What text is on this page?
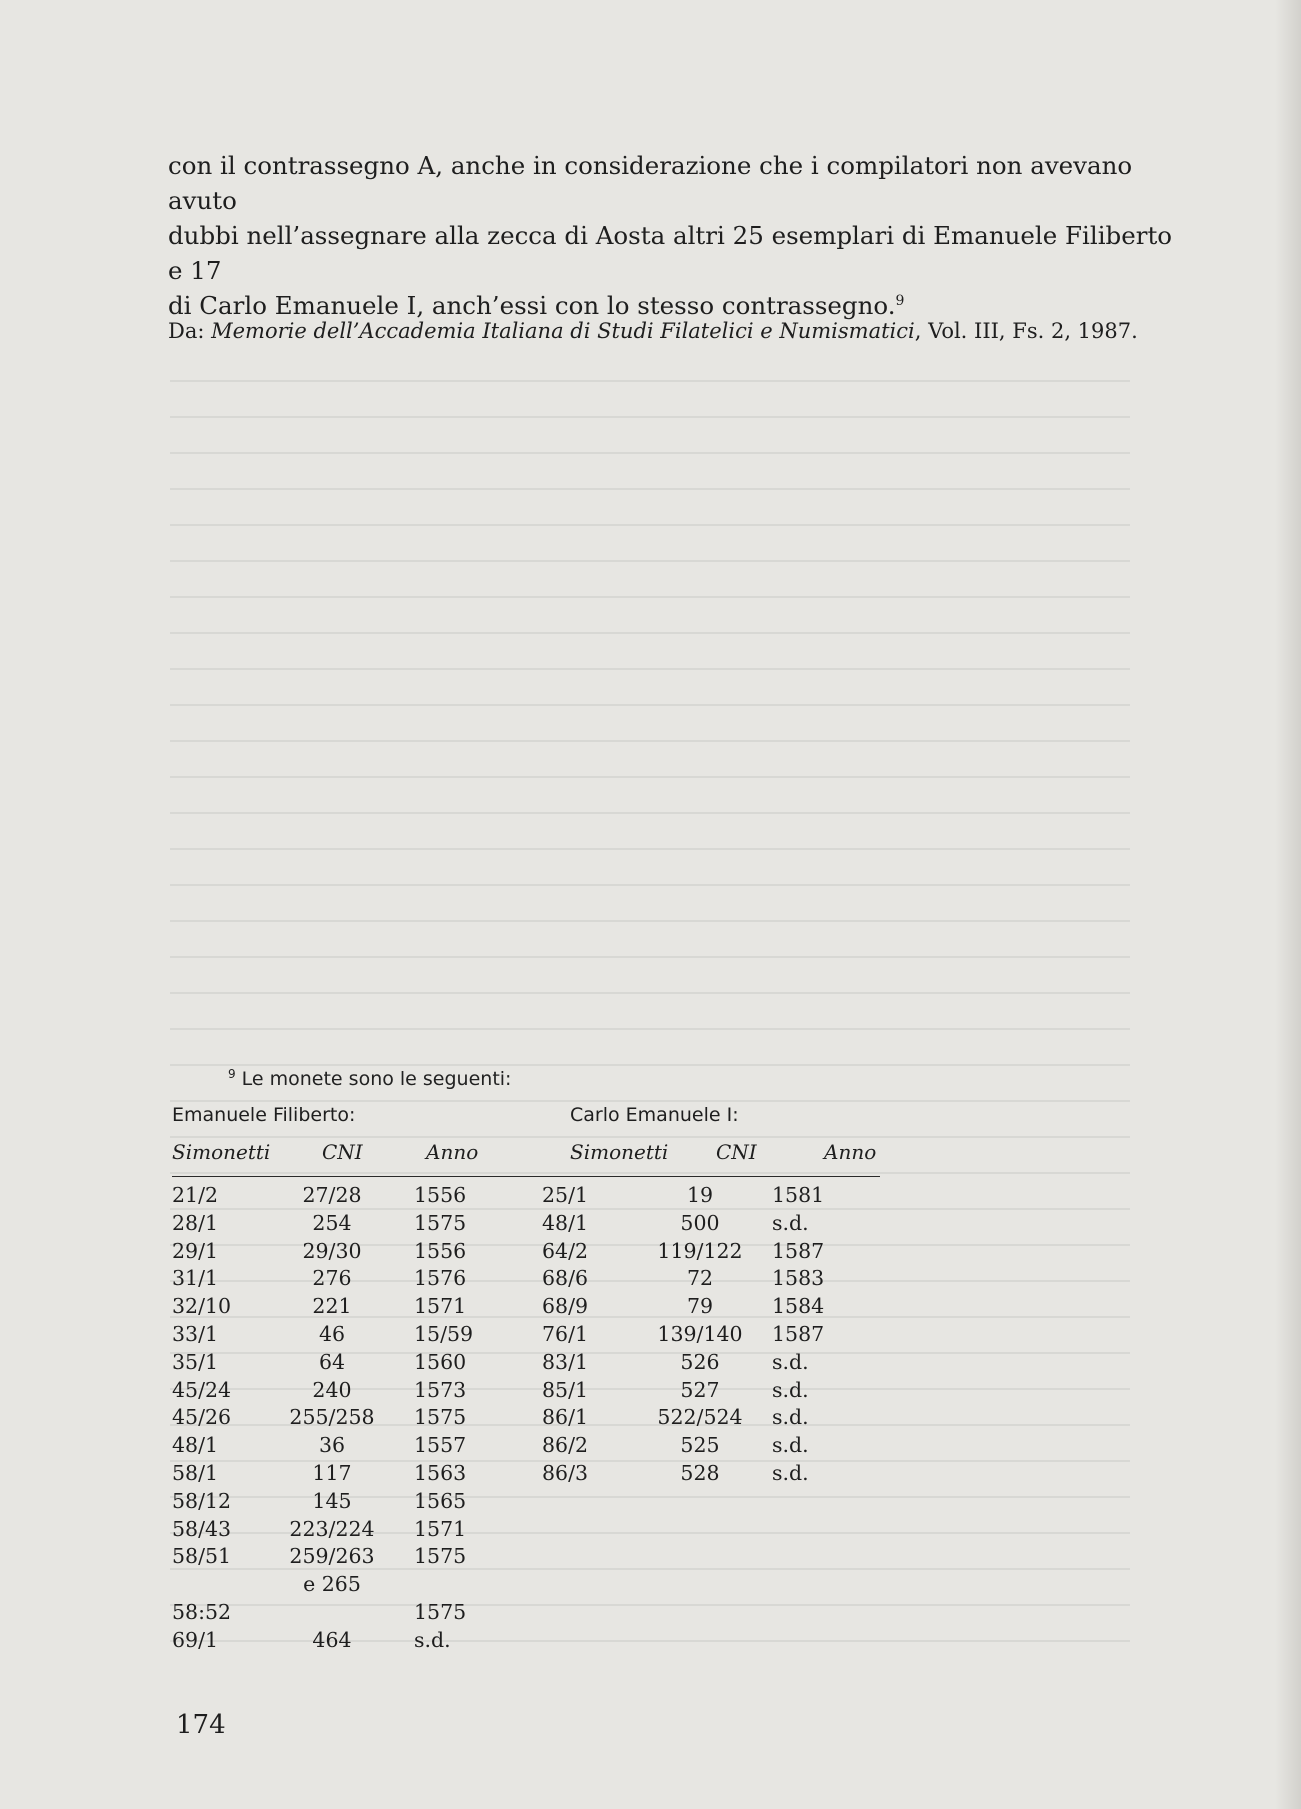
con il contrassegno A, anche in considerazione che i compilatori non avevano avuto

dubbi nell’assegnare alla zecca di Aosta altri 25 esemplari di Emanuele Filiberto e 17

di Carlo Emanuele I, anch’essi con lo stesso contrassegno.$^9$

Da: Memorie dell’Accademia Italiana di Studi Filatelici e Numismatici, Vol. III, Fs. 2, 1987.
$^9$ Le monete sono le seguenti:
Emanuele Filiberto:	Carlo Emanuele I:
Simonetti	CNI	Anno	Simonetti CNI	Anno
21/2	27/28	1556	25/1	19	1581
28/1	254	1575	48/1	500	s.d.
29/1	29/30	1556	64/2	119/122	1587
31/1	276	1576	68/6	72	1583
32/10	221	1571	68/9	79	1584
33/1	46	15/59	76/1	139/140	1587
35/1	64	1560	83/1	526	s.d.
45/24	240	1573	85/1	527	s.d.
45/26	255/258	1575	86/1	522/524	s.d.
48/1	36	1557	86/2	525	s.d.
58/1	117	1563	86/3	528	s.d.
58/12	145	1565			
58/43	223/224	1571			
58/51	259/263	1575			
	e 265				
58:52		1575			
69/1	464	s.d.			
174
